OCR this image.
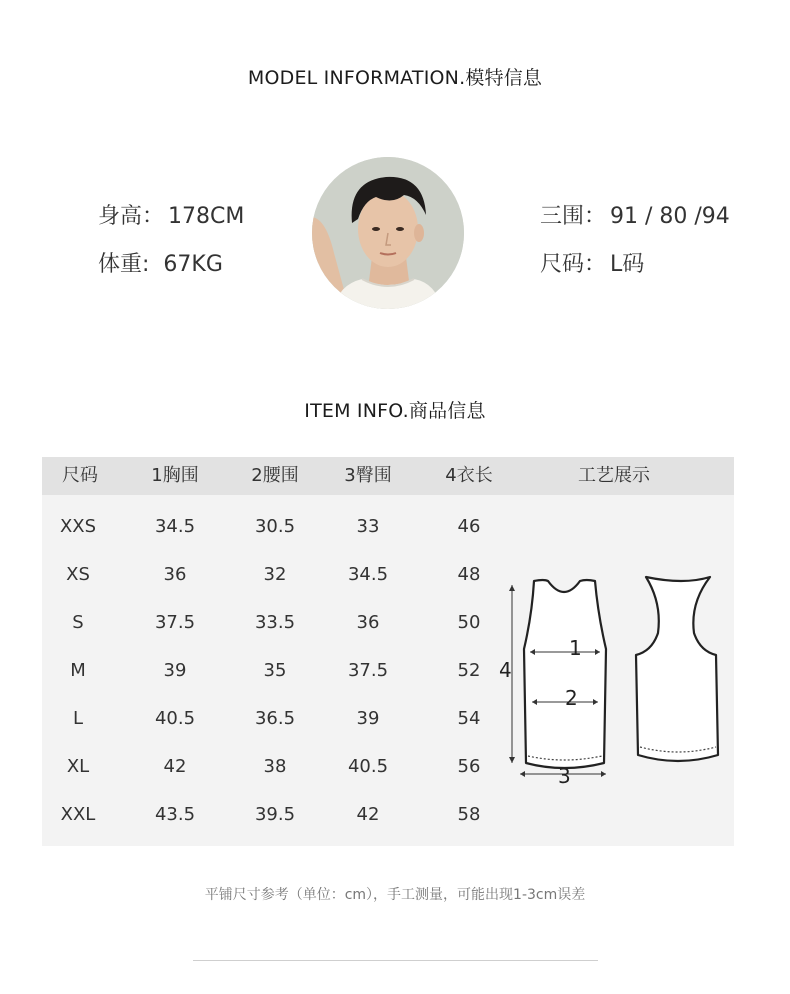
MODEL INFORMATION.模特信息
身高： 178CM
体重: 67KG
三围： 91 / 80 /94
尺码： L码
ITEM INFO.商品信息
尺码	1胸围	2腰围	3臀围	4衣长	工艺展示
XXS	34.5	30.5	33	46
XS	36	32	34.5	48
S	37.5	33.5	36	50
M	39	35	37.5	52
L	40.5	36.5	39	54
XL	42	38	40.5	56
XXL	43.5	39.5	42	58
1
2
3
4
平铺尺寸参考（单位：cm），手工测量，可能出现1-3cm误差
